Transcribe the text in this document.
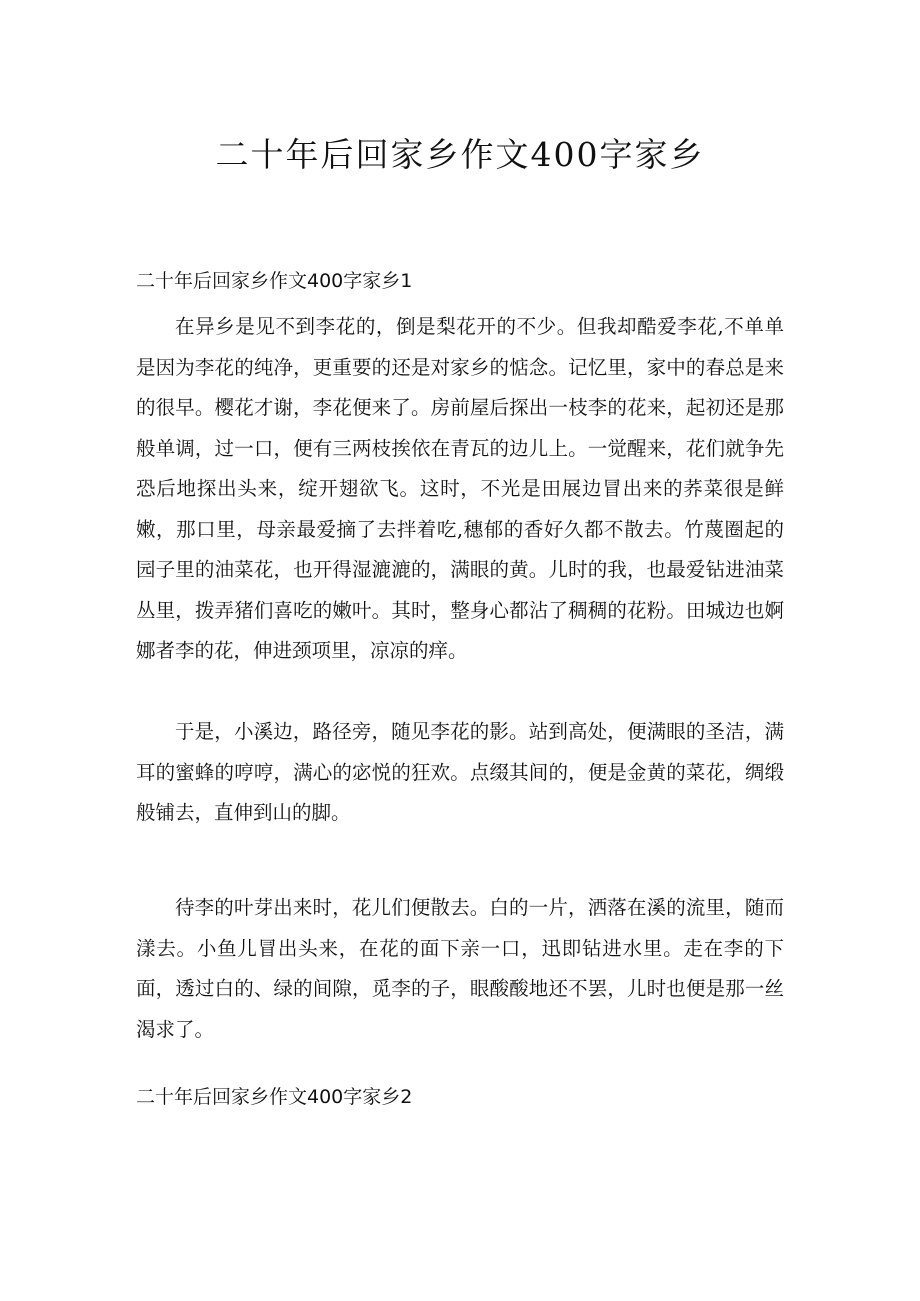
二十年后回家乡作文400字家乡
二十年后回家乡作文400字家乡1

在异乡是见不到李花的，倒是梨花开的不少。但我却酷爱李花,不单单是因为李花的纯净，更重要的还是对家乡的惦念。记忆里，家中的春总是来的很早。樱花才谢，李花便来了。房前屋后探出一枝李的花来，起初还是那般单调，过一口，便有三两枝挨依在青瓦的边儿上。一觉醒来，花们就争先恐后地探出头来，绽开翅欲飞。这时，不光是田展边冒出来的荞菜很是鲜嫩，那口里，母亲最爱摘了去拌着吃,穗郁的香好久都不散去。竹蔑圈起的园子里的油菜花，也开得湿漉漉的，满眼的黄。儿时的我，也最爱钻进油菜丛里，拨弄猪们喜吃的嫩叶。其时，整身心都沾了稠稠的花粉。田城边也婀娜者李的花，伸进颈项里，凉凉的痒。

于是，小溪边，路径旁，随见李花的影。站到高处，便满眼的圣洁，满耳的蜜蜂的哼哼，满心的宓悦的狂欢。点缀其间的，便是金黄的菜花，绸缎般铺去，直伸到山的脚。

待李的叶芽出来时，花儿们便散去。白的一片，洒落在溪的流里，随而漾去。小鱼儿冒出头来，在花的面下亲一口，迅即钻进水里。走在李的下面，透过白的、绿的间隙，觅李的子，眼酸酸地还不罢，儿时也便是那一丝渴求了。

二十年后回家乡作文400字家乡2
